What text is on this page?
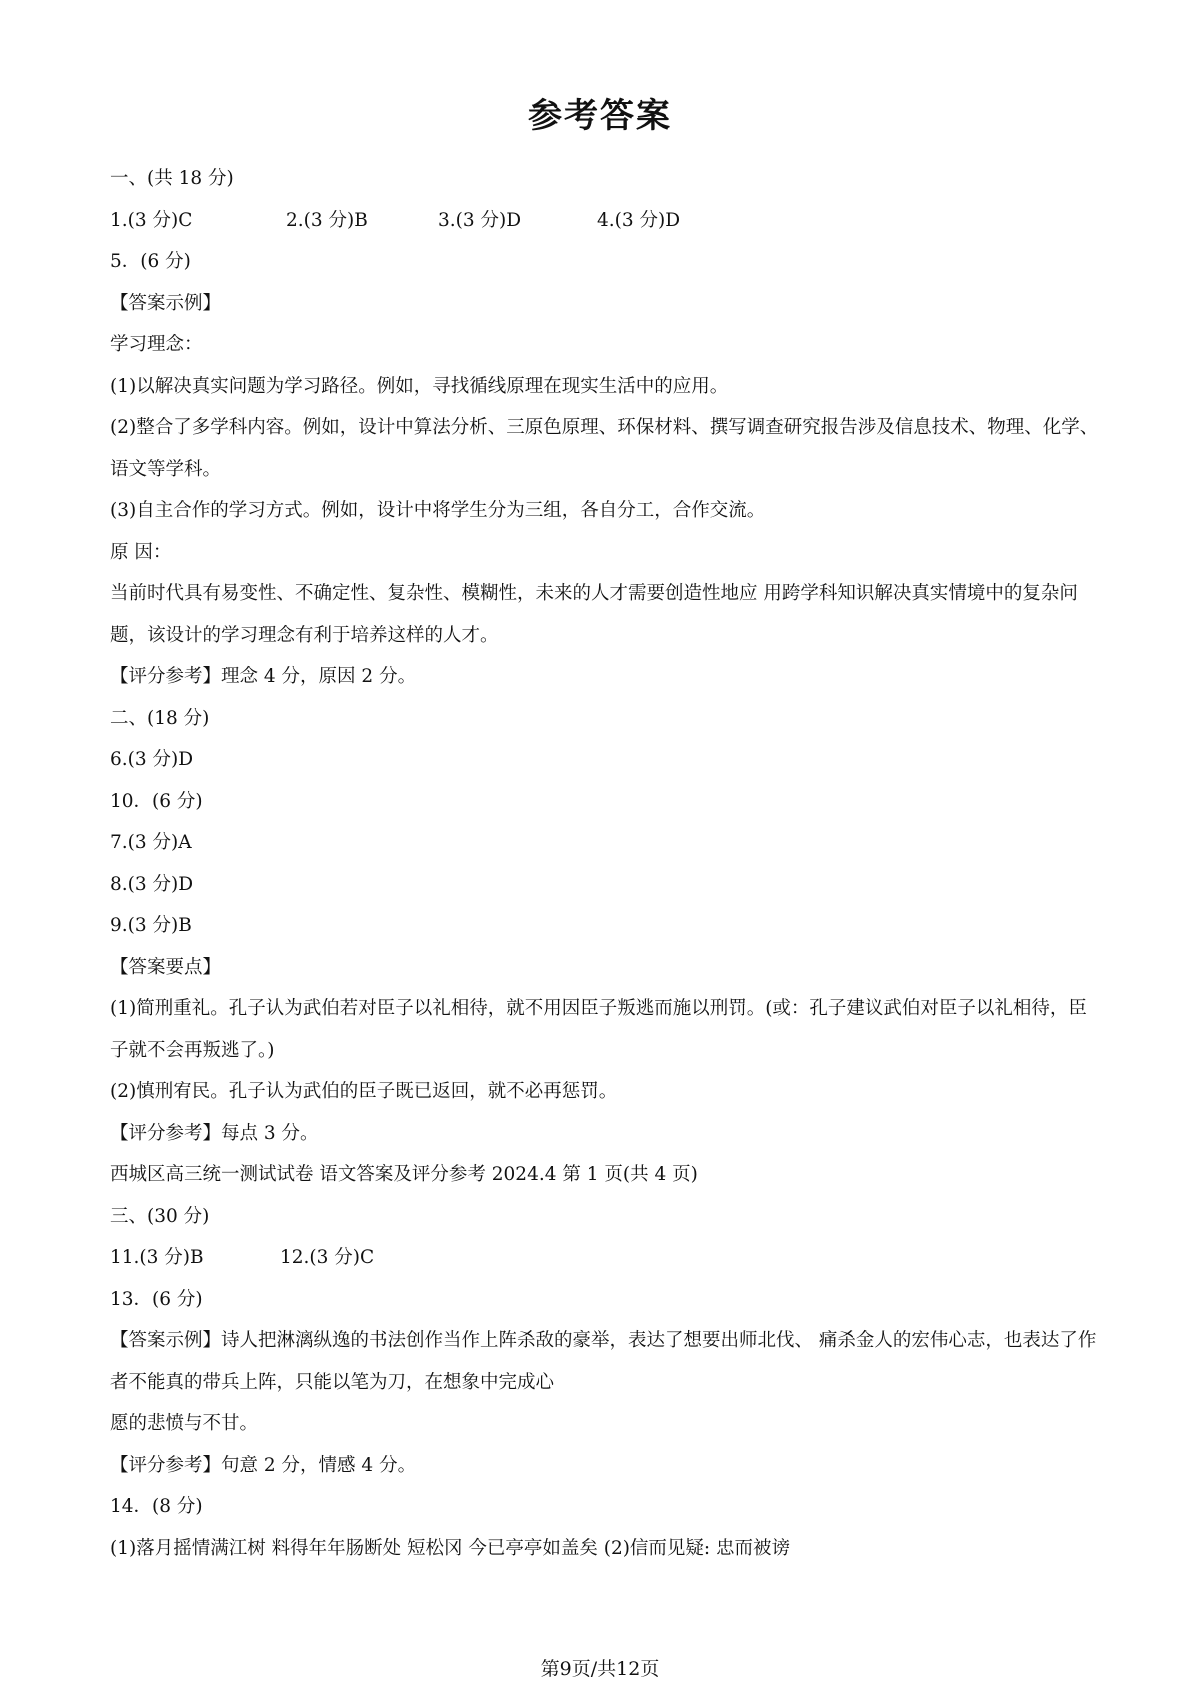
参考答案
一、(共 18 分)
1.(3 分)C	2.(3 分)B	3.(3 分)D	4.(3 分)D
5．(6 分)
【答案示例】
学习理念：
(1)以解决真实问题为学习路径。例如，寻找循线原理在现实生活中的应用。
(2)整合了多学科内容。例如，设计中算法分析、三原色原理、环保材料、撰写调查研究报告涉及信息技术、物理、化学、语文等学科。
(3)自主合作的学习方式。例如，设计中将学生分为三组，各自分工，合作交流。
原 因：
当前时代具有易变性、不确定性、复杂性、模糊性，未来的人才需要创造性地应 用跨学科知识解决真实情境中的复杂问题，该设计的学习理念有利于培养这样的人才。
【评分参考】理念 4 分，原因 2 分。
二、(18 分)
6.(3 分)D
10．(6 分)
7.(3 分)A
8.(3 分)D
9.(3 分)B
【答案要点】
(1)简刑重礼。孔子认为武伯若对臣子以礼相待，就不用因臣子叛逃而施以刑罚。(或：孔子建议武伯对臣子以礼相待，臣子就不会再叛逃了。)
(2)慎刑宥民。孔子认为武伯的臣子既已返回，就不必再惩罚。
【评分参考】每点 3 分。
西城区高三统一测试试卷 语文答案及评分参考 2024.4 第 1 页(共 4 页)
三、(30 分)
11.(3 分)B	12.(3 分)C
13．(6 分)
【答案示例】诗人把淋漓纵逸的书法创作当作上阵杀敌的豪举，表达了想要出师北伐、 痛杀金人的宏伟心志，也表达了作者不能真的带兵上阵，只能以笔为刀，在想象中完成心
愿的悲愤与不甘。
【评分参考】句意 2 分，情感 4 分。
14．(8 分)
(1)落月摇情满江树 料得年年肠断处 短松冈 今已亭亭如盖矣 (2)信而见疑: 忠而被谤
第9页/共12页
